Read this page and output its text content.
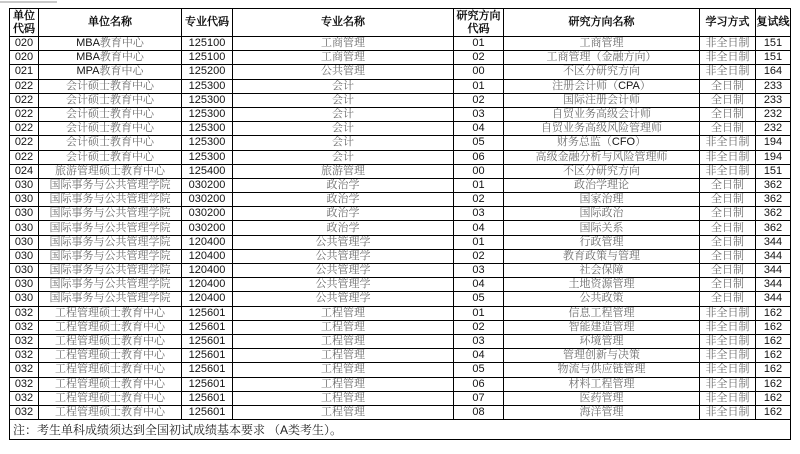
单位代码	单位名称	专业代码	专业名称	研究方向代码	研究方向名称	学习方式	复试线
020	MBA教育中心	125100	工商管理	01	工商管理	非全日制	151
020	MBA教育中心	125100	工商管理	02	工商管理（金融方向）	非全日制	151
021	MPA教育中心	125200	公共管理	00	不区分研究方向	非全日制	164
022	会计硕士教育中心	125300	会计	01	注册会计师（CPA）	全日制	233
022	会计硕士教育中心	125300	会计	02	国际注册会计师	全日制	233
022	会计硕士教育中心	125300	会计	03	自贸业务高级会计师	全日制	232
022	会计硕士教育中心	125300	会计	04	自贸业务高级风险管理师	全日制	232
022	会计硕士教育中心	125300	会计	05	财务总监（CFO）	非全日制	194
022	会计硕士教育中心	125300	会计	06	高级金融分析与风险管理师	非全日制	194
024	旅游管理硕士教育中心	125400	旅游管理	00	不区分研究方向	非全日制	151
030	国际事务与公共管理学院	030200	政治学	01	政治学理论	全日制	362
030	国际事务与公共管理学院	030200	政治学	02	国家治理	全日制	362
030	国际事务与公共管理学院	030200	政治学	03	国际政治	全日制	362
030	国际事务与公共管理学院	030200	政治学	04	国际关系	全日制	362
030	国际事务与公共管理学院	120400	公共管理学	01	行政管理	全日制	344
030	国际事务与公共管理学院	120400	公共管理学	02	教育政策与管理	全日制	344
030	国际事务与公共管理学院	120400	公共管理学	03	社会保障	全日制	344
030	国际事务与公共管理学院	120400	公共管理学	04	土地资源管理	全日制	344
030	国际事务与公共管理学院	120400	公共管理学	05	公共政策	全日制	344
032	工程管理硕士教育中心	125601	工程管理	01	信息工程管理	非全日制	162
032	工程管理硕士教育中心	125601	工程管理	02	智能建造管理	非全日制	162
032	工程管理硕士教育中心	125601	工程管理	03	环境管理	非全日制	162
032	工程管理硕士教育中心	125601	工程管理	04	管理创新与决策	非全日制	162
032	工程管理硕士教育中心	125601	工程管理	05	物流与供应链管理	非全日制	162
032	工程管理硕士教育中心	125601	工程管理	06	材料工程管理	非全日制	162
032	工程管理硕士教育中心	125601	工程管理	07	医药管理	非全日制	162
032	工程管理硕士教育中心	125601	工程管理	08	海洋管理	非全日制	162
注：考生单科成绩须达到全国初试成绩基本要求 （A类考生）。							
